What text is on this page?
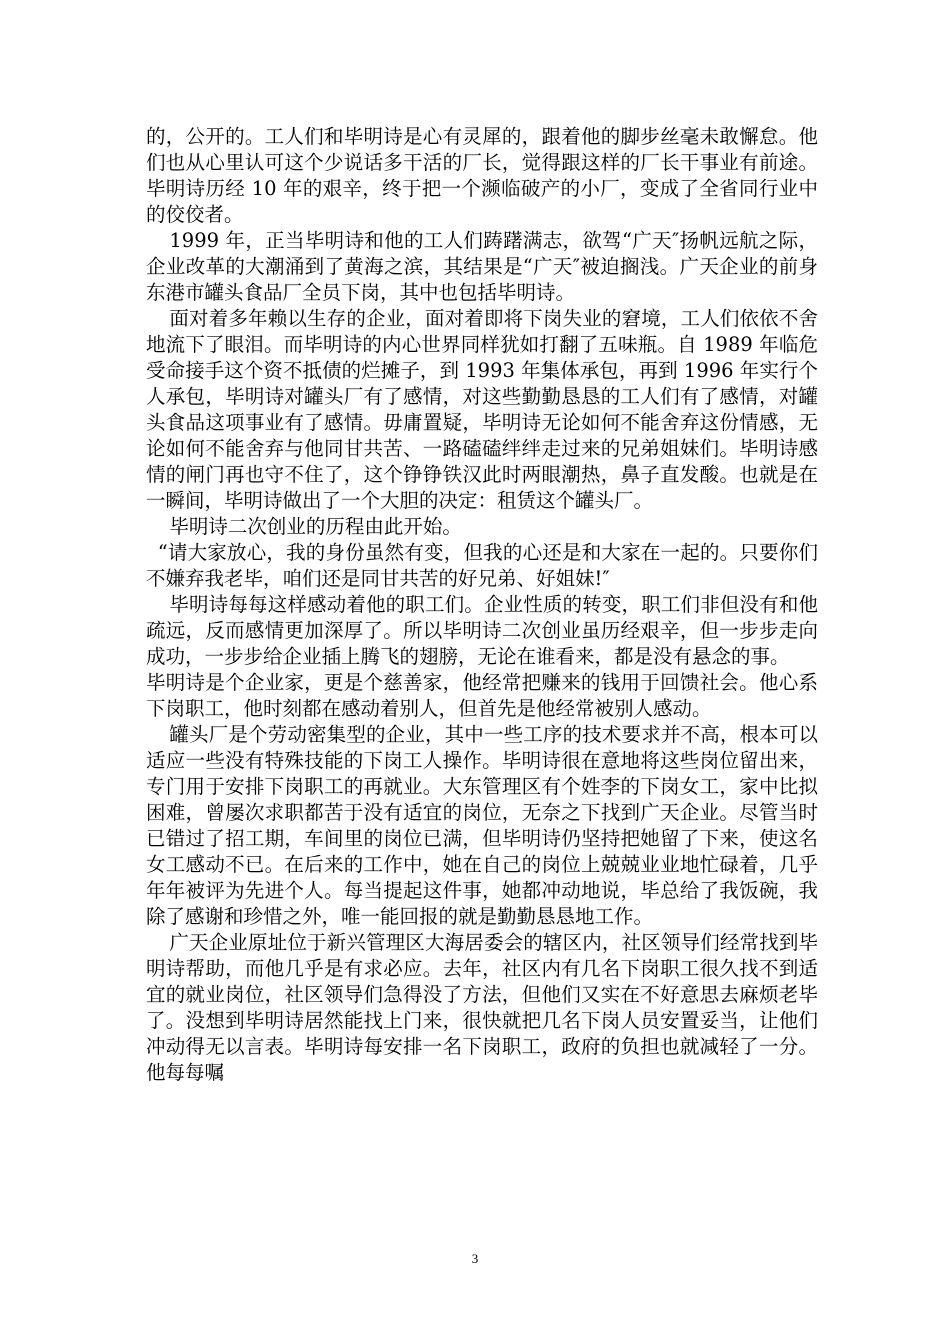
的，公开的。工人们和毕明诗是心有灵犀的，跟着他的脚步丝毫未敢懈怠。他们也从心里认可这个少说话多干活的厂长，觉得跟这样的厂长干事业有前途。毕明诗历经 10 年的艰辛，终于把一个濒临破产的小厂，变成了全省同行业中的佼佼者。

1999 年，正当毕明诗和他的工人们踌躇满志，欲驾“广天″扬帆远航之际，企业改革的大潮涌到了黄海之滨，其结果是“广天″被迫搁浅。广天企业的前身东港市罐头食品厂全员下岗，其中也包括毕明诗。

面对着多年赖以生存的企业，面对着即将下岗失业的窘境，工人们依依不舍地流下了眼泪。而毕明诗的内心世界同样犹如打翻了五味瓶。自 1989 年临危受命接手这个资不抵债的烂摊子，到 1993 年集体承包，再到 1996 年实行个人承包，毕明诗对罐头厂有了感情，对这些勤勤恳恳的工人们有了感情，对罐头食品这项事业有了感情。毋庸置疑，毕明诗无论如何不能舍弃这份情感，无论如何不能舍弃与他同甘共苦、一路磕磕绊绊走过来的兄弟姐妹们。毕明诗感情的闸门再也守不住了，这个铮铮铁汉此时两眼潮热，鼻子直发酸。也就是在一瞬间，毕明诗做出了一个大胆的决定：租赁这个罐头厂。

毕明诗二次创业的历程由此开始。

“请大家放心，我的身份虽然有变，但我的心还是和大家在一起的。只要你们不嫌弃我老毕，咱们还是同甘共苦的好兄弟、好姐妹!″

毕明诗每每这样感动着他的职工们。企业性质的转变，职工们非但没有和他疏远，反而感情更加深厚了。所以毕明诗二次创业虽历经艰辛，但一步步走向成功，一步步给企业插上腾飞的翅膀，无论在谁看来，都是没有悬念的事。

毕明诗是个企业家，更是个慈善家，他经常把赚来的钱用于回馈社会。他心系下岗职工，他时刻都在感动着别人，但首先是他经常被别人感动。

罐头厂是个劳动密集型的企业，其中一些工序的技术要求并不高，根本可以适应一些没有特殊技能的下岗工人操作。毕明诗很在意地将这些岗位留出来，专门用于安排下岗职工的再就业。大东管理区有个姓李的下岗女工，家中比拟困难，曾屡次求职都苦于没有适宜的岗位，无奈之下找到广天企业。尽管当时已错过了招工期，车间里的岗位已满，但毕明诗仍坚持把她留了下来，使这名女工感动不已。在后来的工作中，她在自己的岗位上兢兢业业地忙碌着，几乎年年被评为先进个人。每当提起这件事，她都冲动地说，毕总给了我饭碗，我除了感谢和珍惜之外，唯一能回报的就是勤勤恳恳地工作。

广天企业原址位于新兴管理区大海居委会的辖区内，社区领导们经常找到毕明诗帮助，而他几乎是有求必应。去年，社区内有几名下岗职工很久找不到适宜的就业岗位，社区领导们急得没了方法，但他们又实在不好意思去麻烦老毕了。没想到毕明诗居然能找上门来，很快就把几名下岗人员安置妥当，让他们冲动得无以言表。毕明诗每安排一名下岗职工，政府的负担也就减轻了一分。他每每嘱

3
